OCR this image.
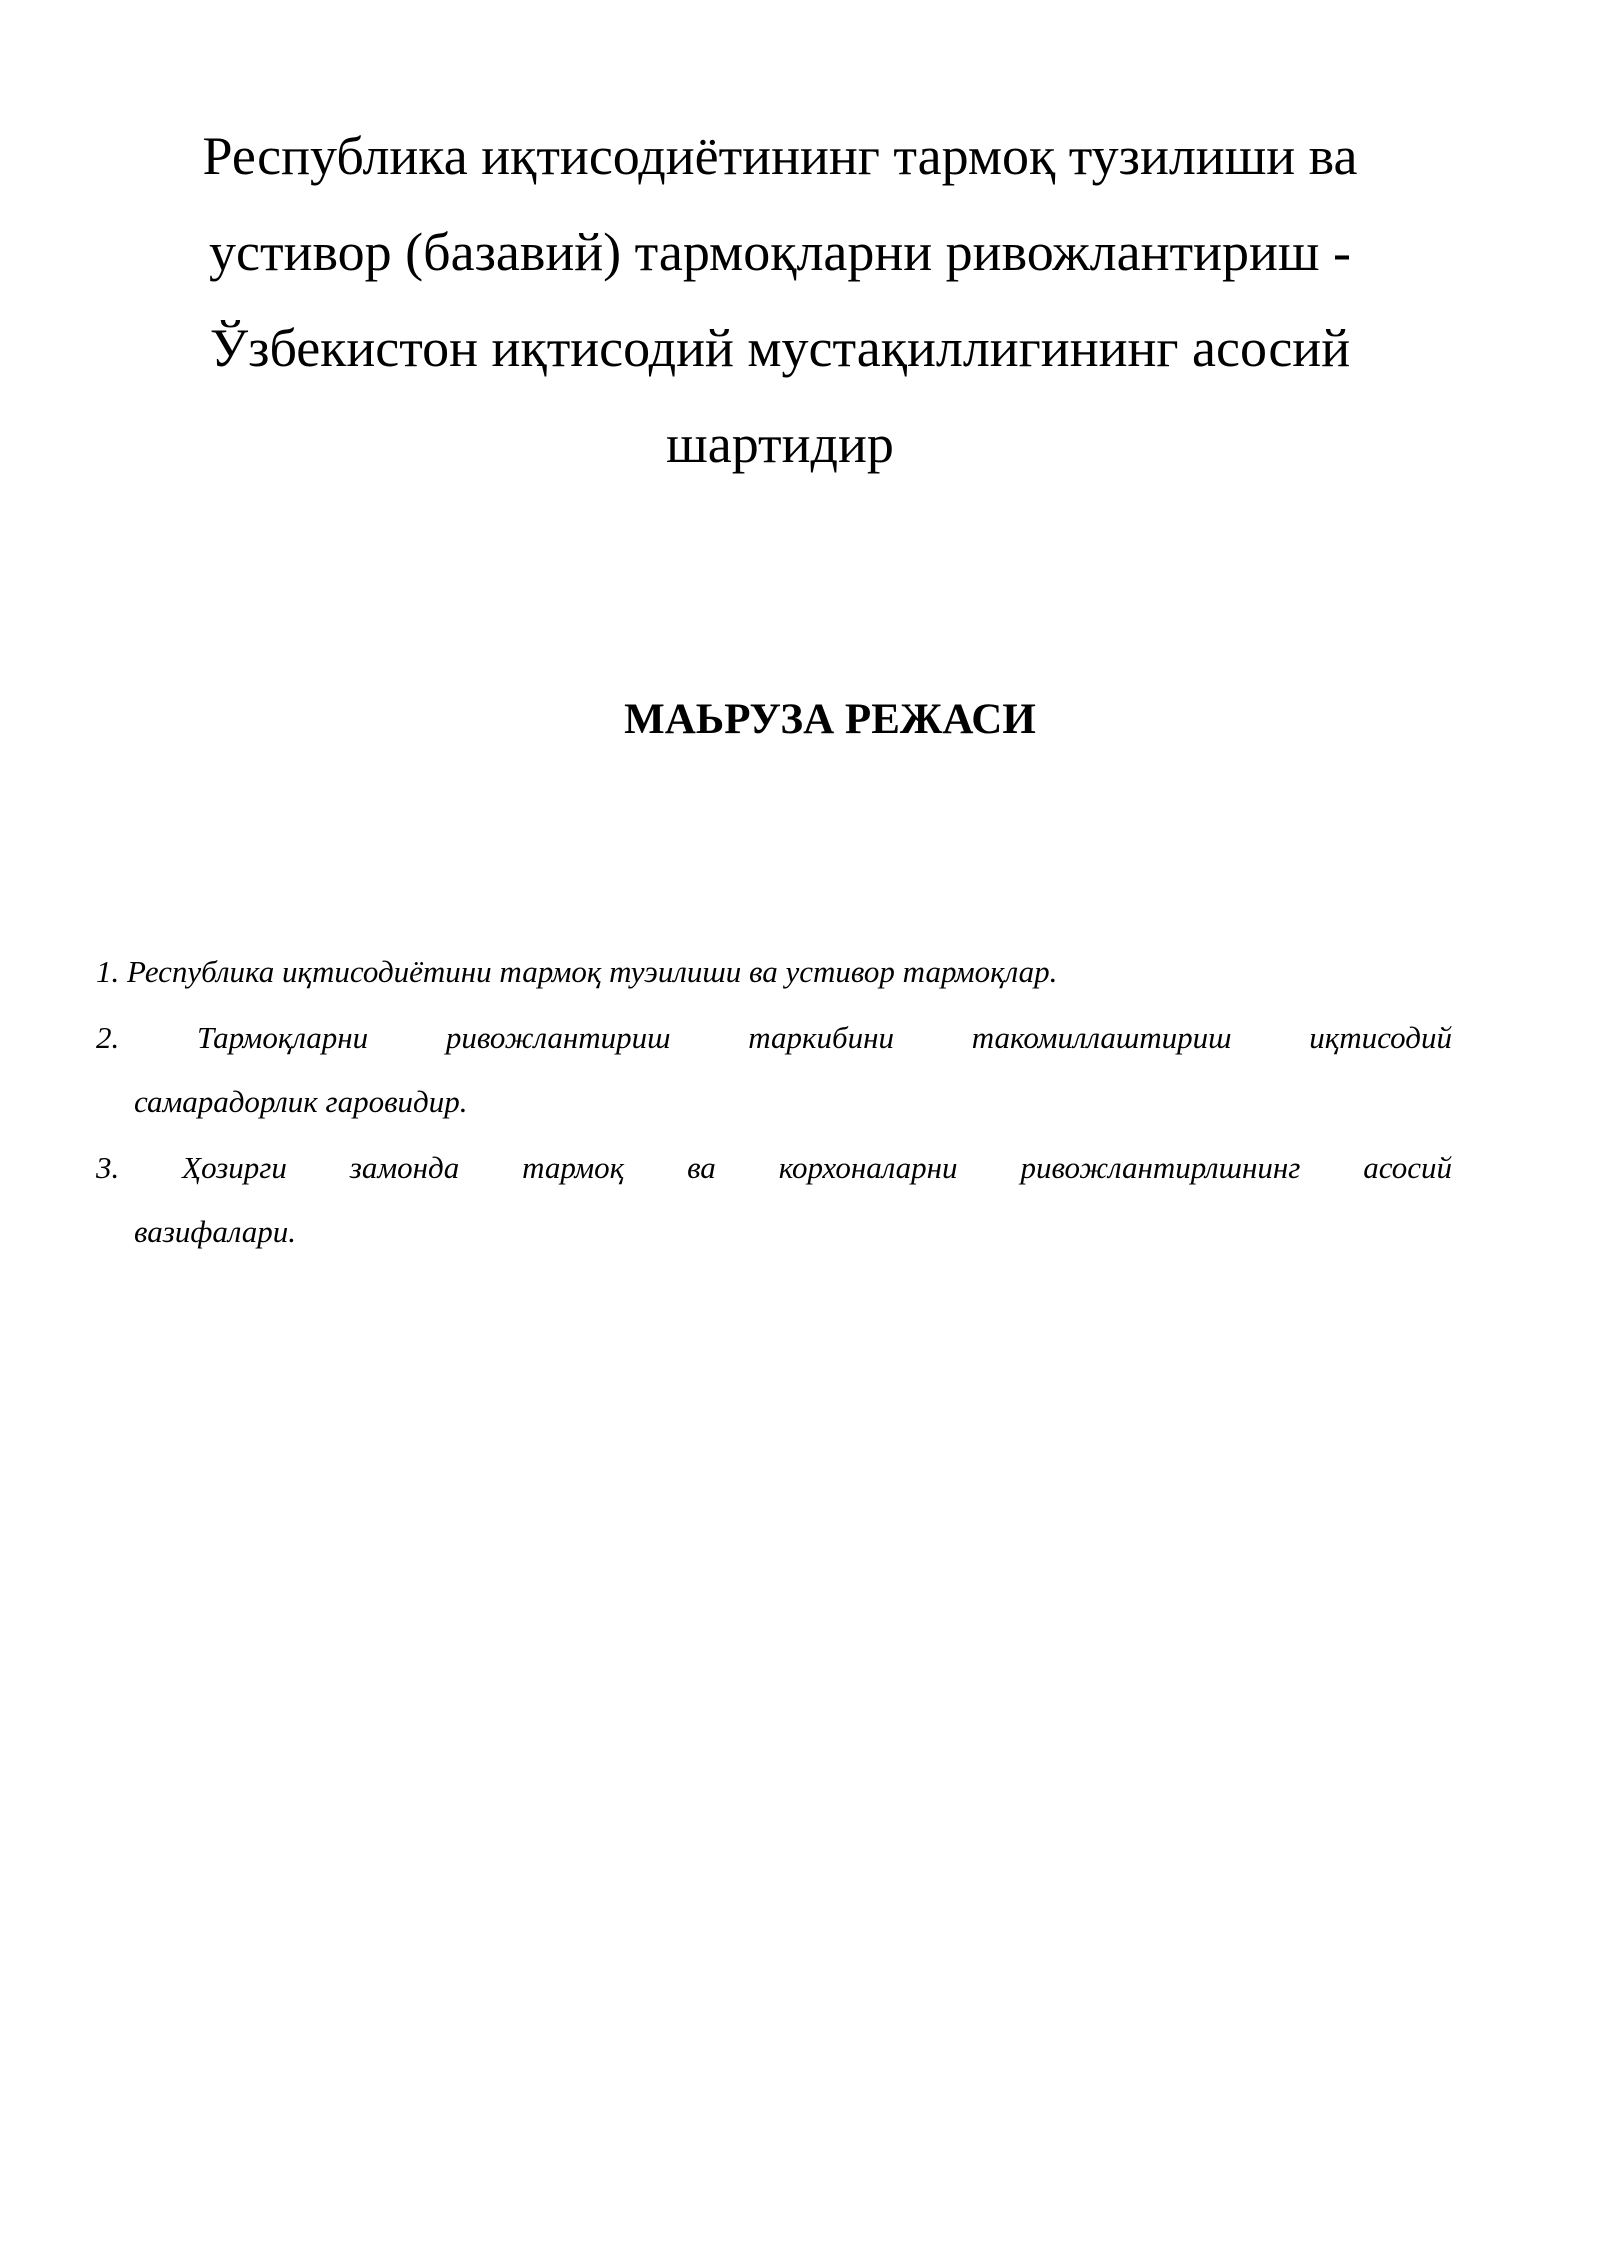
Республика иқтисодиётининг тармоқ тузилиши ва
устивор (базавий) тармоқларни ривожлантириш -
Ўзбекистон иқтисодий мустақиллигининг асосий
шартидир
МАЬРУЗА РЕЖАСИ
1. Республика иқтисодиётини тармоқ туэилиши ва устивор тармоқлар.
2.	Тармоқларни	ривожлантириш	таркибини	такомиллаштириш	иқтисодий
самарадорлик гаровидир.
3. Ҳозирги замонда тармоқ ва корхоналарни ривожлантирлшнинг асосий
вазифалари.
